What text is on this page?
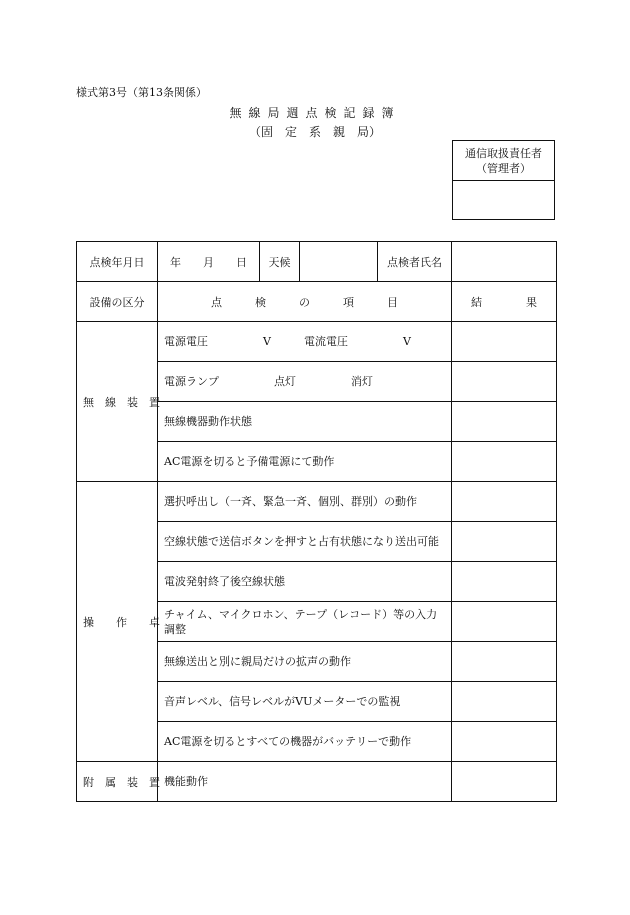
様式第3号（第13条関係）
無線局週点検記録簿
（固　定　系　親　局）
通信取扱責任者
（管理者）
点検年月日	年　　月　　日	天候		点検者氏名	
設備の区分	点　　　検　　　の　　　項　　　目				結　　　　果
無　線　装　置	電源電圧　　　　　V　　　電流電圧　　　　　V				
	電源ランプ　　　　　点灯　　　　　消灯				
	無線機器動作状態				
	AC電源を切ると予備電源にて動作				
操　　作　　卓	選択呼出し（一斉、緊急一斉、個別、群別）の動作				
	空線状態で送信ボタンを押すと占有状態になり送出可能				
	電波発射終了後空線状態				
	チャイム、マイクロホン、テープ（レコード）等の入力調整				
	無線送出と別に親局だけの拡声の動作				
	音声レベル、信号レベルがVUメーターでの監視				
	AC電源を切るとすべての機器がバッテリーで動作				
附　属　装　置	機能動作				
